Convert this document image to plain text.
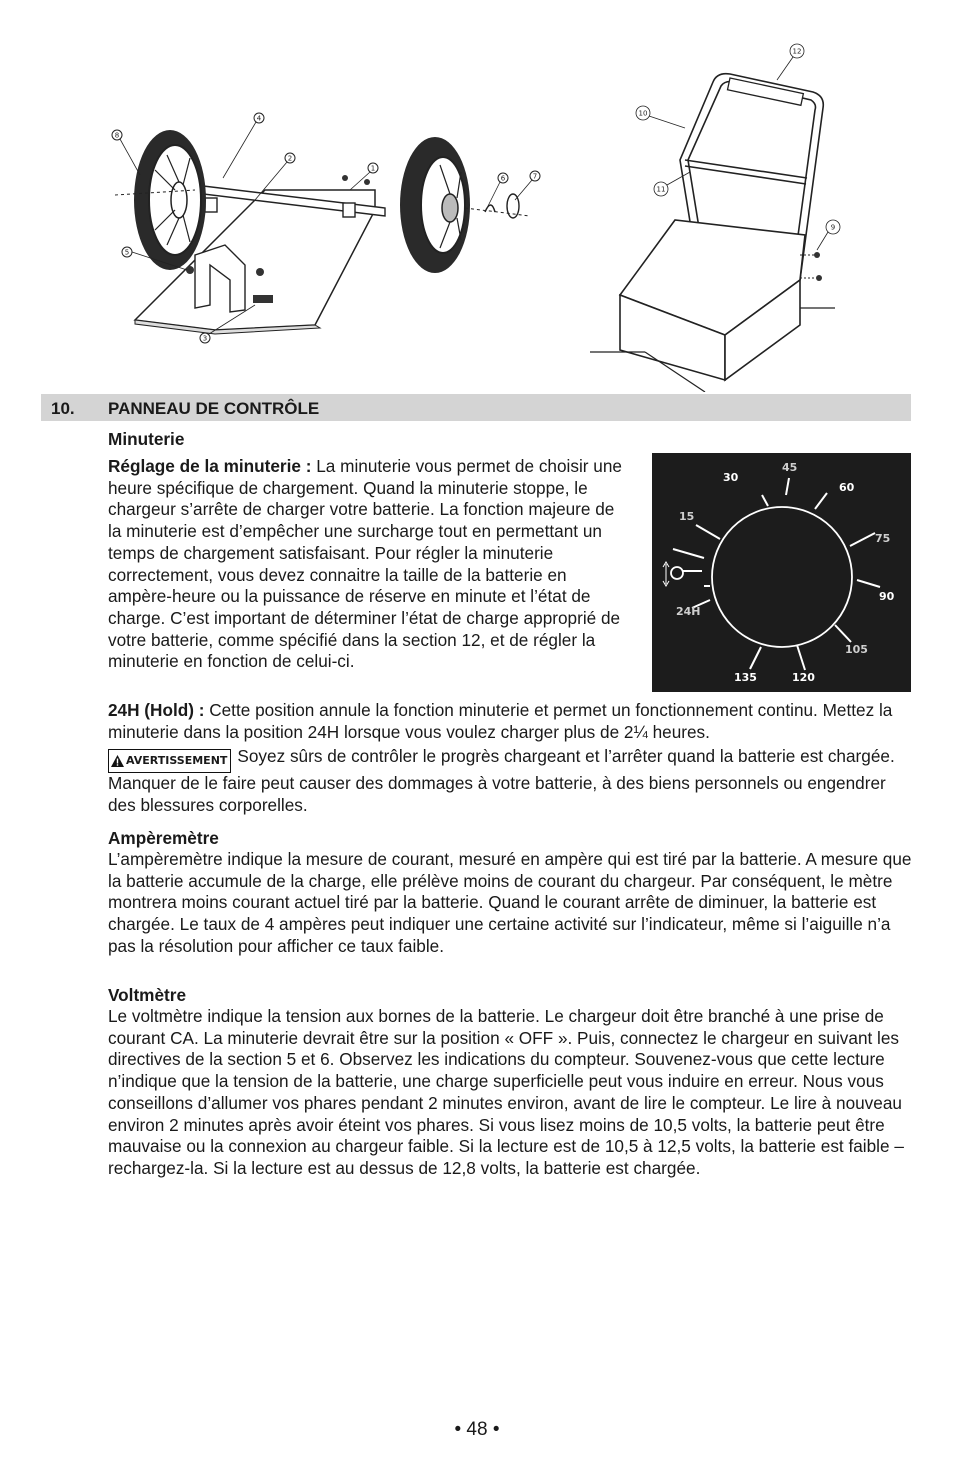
8
4
2
1
6	7
5
3
12
10
11
9
10. PANNEAU DE CONTRÔLE
Minuterie
Réglage de la minuterie : La minuterie vous permet de choisir une heure spécifique de chargement. Quand la minuterie stoppe, le chargeur s’arrête de charger votre batterie. La fonction majeure de la minuterie est d’empêcher une surcharge tout en permettant un temps de chargement satisfaisant. Pour régler la minuterie correctement, vous devez connaitre la taille de la batterie en ampère-heure ou la puissance de réserve en minute et l’état de charge. C’est important de déterminer l’état de charge approprié de votre batterie, comme spécifié dans la section 12, et de régler la minuterie en fonction de celui-ci.
15
30
45
60
75
90
105
120
135
24H
24H (Hold) : Cette position annule la fonction minuterie et permet un fonctionnement continu. Mettez la minuterie dans la position 24H lorsque vous voulez charger plus de 2¼ heures.
AVERTISSEMENT Soyez sûrs de contrôler le progrès chargeant et l’arrêter quand la batterie est chargée. Manquer de le faire peut causer des dommages à votre batterie, à des biens personnels ou engendrer des blessures corporelles.
Ampèremètre
L’ampèremètre indique la mesure de courant, mesuré en ampère qui est tiré par la batterie. A mesure que la batterie accumule de la charge, elle prélève moins de courant du chargeur. Par conséquent, le mètre montrera moins courant actuel tiré par la batterie. Quand le courant arrête de diminuer, la batterie est chargée. Le taux de 4 ampères peut indiquer une certaine activité sur l’indicateur, même si l’aiguille n’a pas la résolution pour afficher ce taux faible.
Voltmètre
Le voltmètre indique la tension aux bornes de la batterie. Le chargeur doit être branché à une prise de courant CA. La minuterie devrait être sur la position « OFF ». Puis, connectez le chargeur en suivant les directives de la section 5 et 6. Observez les indications du compteur. Souvenez-vous que cette lecture n’indique que la tension de la batterie, une charge superficielle peut vous induire en erreur. Nous vous conseillons d’allumer vos phares pendant 2 minutes environ, avant de lire le compteur. Le lire à nouveau environ 2 minutes après avoir éteint vos phares. Si vous lisez moins de 10,5 volts, la batterie peut être mauvaise ou la connexion au chargeur faible. Si la lecture est de 10,5 à 12,5 volts, la batterie est faible – rechargez-la. Si la lecture est au dessus de 12,8 volts, la batterie est chargée.
• 48 •
